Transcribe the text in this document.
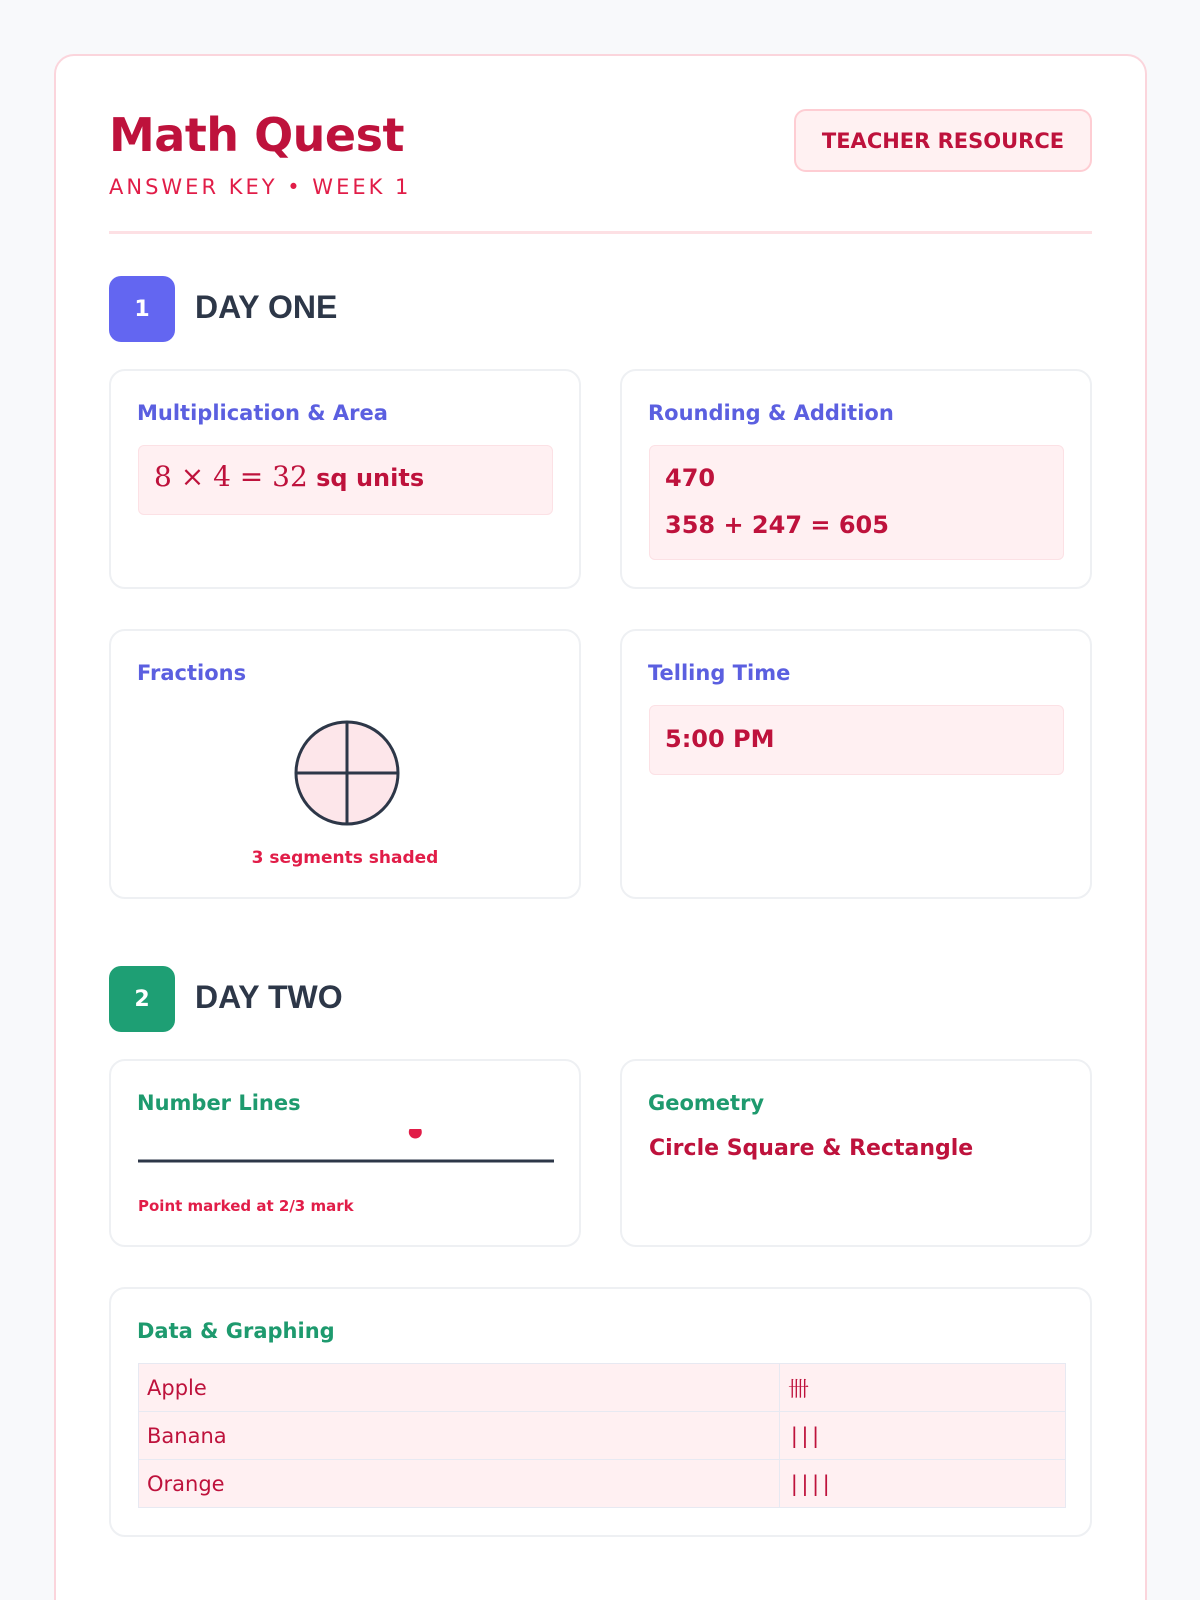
Math Quest
ANSWER KEY • WEEK 1
TEACHER RESOURCE
1	DAY ONE
Multiplication & Area
8 × 4 = 32 sq units
Rounding & Addition
470
358 + 247 = 605
Fractions
3 segments shaded
Telling Time
5:00 PM
2	DAY TWO
Number Lines
Point marked at 2/3 mark
Geometry
Circle Square & Rectangle
Data & Graphing
Apple	卌
Banana	|||
Orange	||||
